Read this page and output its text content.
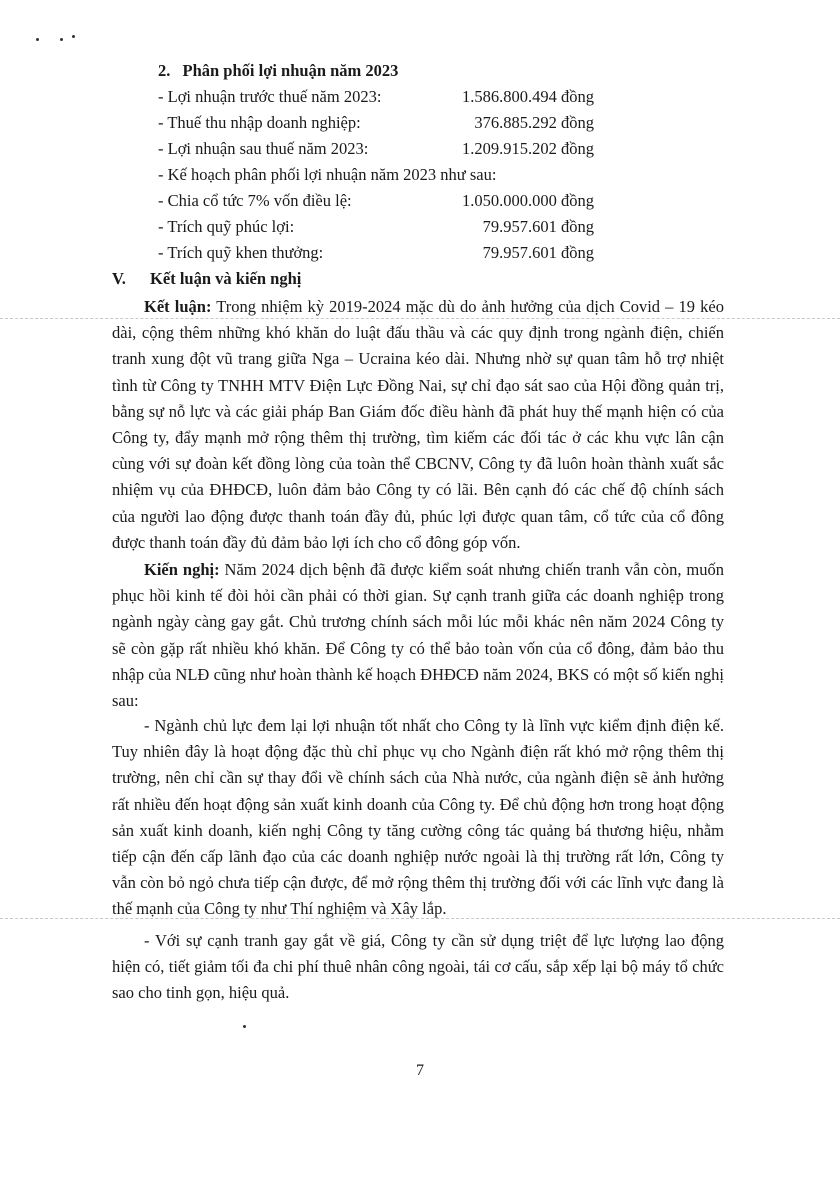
2. Phân phối lợi nhuận năm 2023
- Lợi nhuận trước thuế năm 2023:	1.586.800.494 đồng
- Thuế thu nhập doanh nghiệp:	376.885.292 đồng
- Lợi nhuận sau thuế năm 2023:	1.209.915.202 đồng
- Kế hoạch phân phối lợi nhuận năm 2023 như sau:
- Chia cổ tức 7% vốn điều lệ:	1.050.000.000 đồng
- Trích quỹ phúc lợi:	79.957.601 đồng
- Trích quỹ khen thưởng:	79.957.601 đồng
V. Kết luận và kiến nghị

Kết luận: Trong nhiệm kỳ 2019-2024 mặc dù do ảnh hưởng của dịch Covid – 19 kéo dài, cộng thêm những khó khăn do luật đấu thầu và các quy định trong ngành điện, chiến tranh xung đột vũ trang giữa Nga – Ucraina kéo dài. Nhưng nhờ sự quan tâm hỗ trợ nhiệt tình từ Công ty TNHH MTV Điện Lực Đồng Nai, sự chỉ đạo sát sao của Hội đồng quản trị, bằng sự nỗ lực và các giải pháp Ban Giám đốc điều hành đã phát huy thế mạnh hiện có của Công ty, đẩy mạnh mở rộng thêm thị trường, tìm kiếm các đối tác ở các khu vực lân cận cùng với sự đoàn kết đồng lòng của toàn thể CBCNV, Công ty đã luôn hoàn thành xuất sắc nhiệm vụ của ĐHĐCĐ, luôn đảm bảo Công ty có lãi. Bên cạnh đó các chế độ chính sách của người lao động được thanh toán đầy đủ, phúc lợi được quan tâm, cổ tức của cổ đông được thanh toán đầy đủ đảm bảo lợi ích cho cổ đông góp vốn.

Kiến nghị: Năm 2024 dịch bệnh đã được kiểm soát nhưng chiến tranh vẫn còn, muốn phục hồi kinh tế đòi hỏi cần phải có thời gian. Sự cạnh tranh giữa các doanh nghiệp trong ngành ngày càng gay gắt. Chủ trương chính sách mỗi lúc mỗi khác nên năm 2024 Công ty sẽ còn gặp rất nhiều khó khăn. Để Công ty có thể bảo toàn vốn của cổ đông, đảm bảo thu nhập của NLĐ cũng như hoàn thành kế hoạch ĐHĐCĐ năm 2024, BKS có một số kiến nghị sau:

- Ngành chủ lực đem lại lợi nhuận tốt nhất cho Công ty là lĩnh vực kiểm định điện kế. Tuy nhiên đây là hoạt động đặc thù chỉ phục vụ cho Ngành điện rất khó mở rộng thêm thị trường, nên chỉ cần sự thay đổi về chính sách của Nhà nước, của ngành điện sẽ ảnh hưởng rất nhiều đến hoạt động sản xuất kinh doanh của Công ty. Để chủ động hơn trong hoạt động sản xuất kinh doanh, kiến nghị Công ty tăng cường công tác quảng bá thương hiệu, nhằm tiếp cận đến cấp lãnh đạo của các doanh nghiệp nước ngoài là thị trường rất lớn, Công ty vẫn còn bỏ ngỏ chưa tiếp cận được, để mở rộng thêm thị trường đối với các lĩnh vực đang là thế mạnh của Công ty như Thí nghiệm và Xây lắp.

- Với sự cạnh tranh gay gắt về giá, Công ty cần sử dụng triệt để lực lượng lao động hiện có, tiết giảm tối đa chi phí thuê nhân công ngoài, tái cơ cấu, sắp xếp lại bộ máy tổ chức sao cho tinh gọn, hiệu quả.

7
